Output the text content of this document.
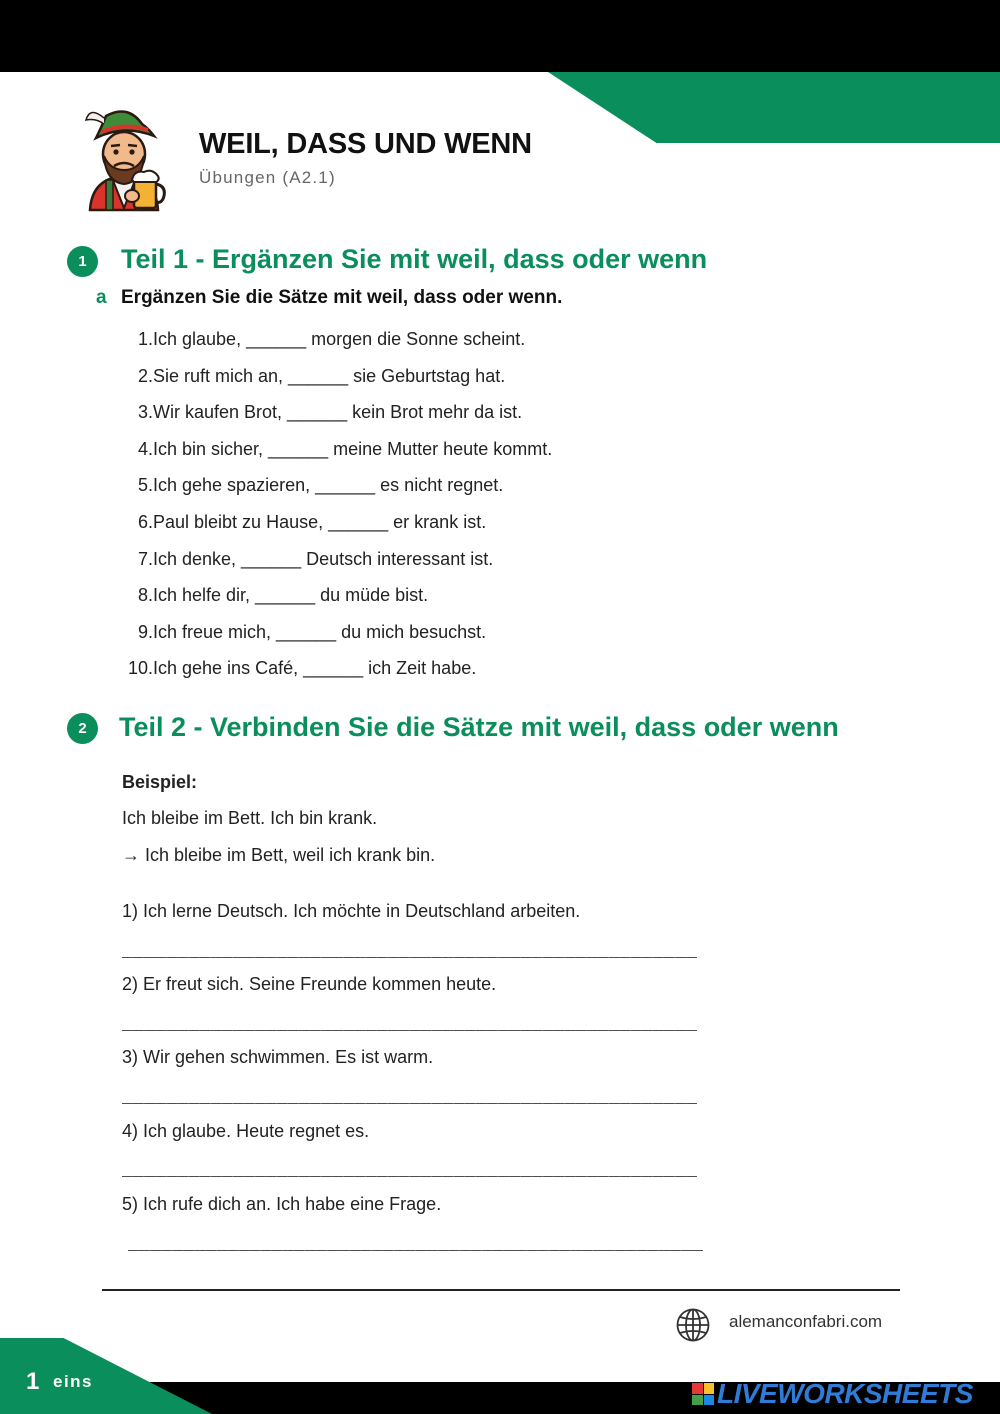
WEIL, DASS UND WENN
Übungen (A2.1)
1	Teil 1 - Ergänzen Sie mit weil, dass oder wenn
a Ergänzen Sie die Sätze mit weil, dass oder wenn.
1. Ich glaube, ______ morgen die Sonne scheint.
2. Sie ruft mich an, ______ sie Geburtstag hat.
3. Wir kaufen Brot, ______ kein Brot mehr da ist.
4. Ich bin sicher, ______ meine Mutter heute kommt.
5. Ich gehe spazieren, ______ es nicht regnet.
6. Paul bleibt zu Hause, ______ er krank ist.
7. Ich denke, ______ Deutsch interessant ist.
8. Ich helfe dir, ______ du müde bist.
9. Ich freue mich, ______ du mich besuchst.
10. Ich gehe ins Café, ______ ich Zeit habe.
2	Teil 2 - Verbinden Sie die Sätze mit weil, dass oder wenn
Beispiel:
Ich bleibe im Bett. Ich bin krank.
→ Ich bleibe im Bett, weil ich krank bin.
1) Ich lerne Deutsch. Ich möchte in Deutschland arbeiten.
____________________________________________________
2) Er freut sich. Seine Freunde kommen heute.
____________________________________________________
3) Wir gehen schwimmen. Es ist warm.
____________________________________________________
4) Ich glaube. Heute regnet es.
____________________________________________________
5) Ich rufe dich an. Ich habe eine Frage.
____________________________________________________
alemanconfabri.com
1 eins	LIVEWORKSHEETS
